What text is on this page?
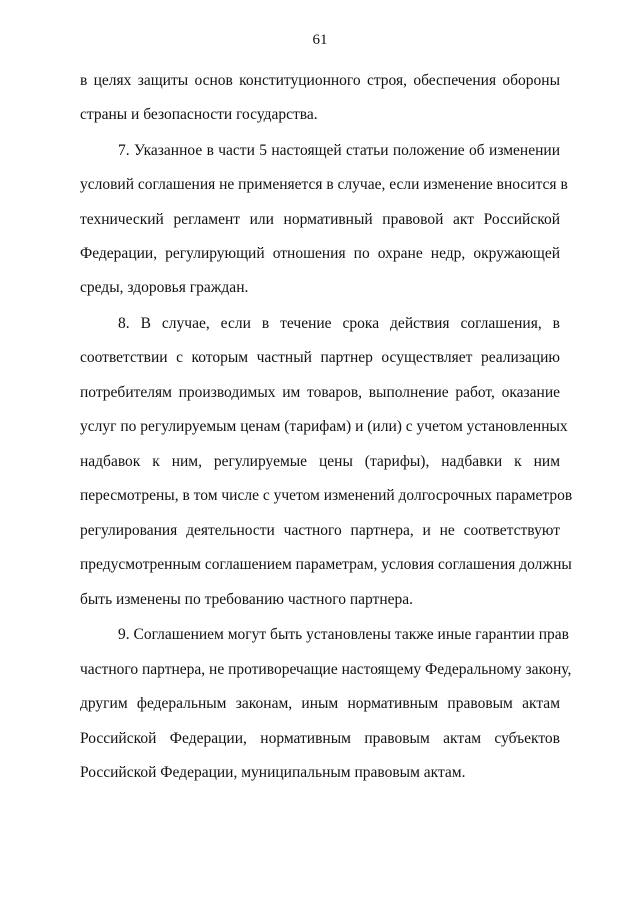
61
в целях защиты основ конституционного строя, обеспечения обороны
страны и безопасности государства.
7. Указанное в части 5 настоящей статьи положение об изменении
условий соглашения не применяется в случае, если изменение вносится в
технический регламент или нормативный правовой акт Российской
Федерации, регулирующий отношения по охране недр, окружающей
среды, здоровья граждан.
8. В случае, если в течение срока действия соглашения, в
соответствии с которым частный партнер осуществляет реализацию
потребителям производимых им товаров, выполнение работ, оказание
услуг по регулируемым ценам (тарифам) и (или) с учетом установленных
надбавок к ним, регулируемые цены (тарифы), надбавки к ним
пересмотрены, в том числе с учетом изменений долгосрочных параметров
регулирования деятельности частного партнера, и не соответствуют
предусмотренным соглашением параметрам, условия соглашения должны
быть изменены по требованию частного партнера.
9. Соглашением могут быть установлены также иные гарантии прав
частного партнера, не противоречащие настоящему Федеральному закону,
другим федеральным законам, иным нормативным правовым актам
Российской Федерации, нормативным правовым актам субъектов
Российской Федерации, муниципальным правовым актам.
